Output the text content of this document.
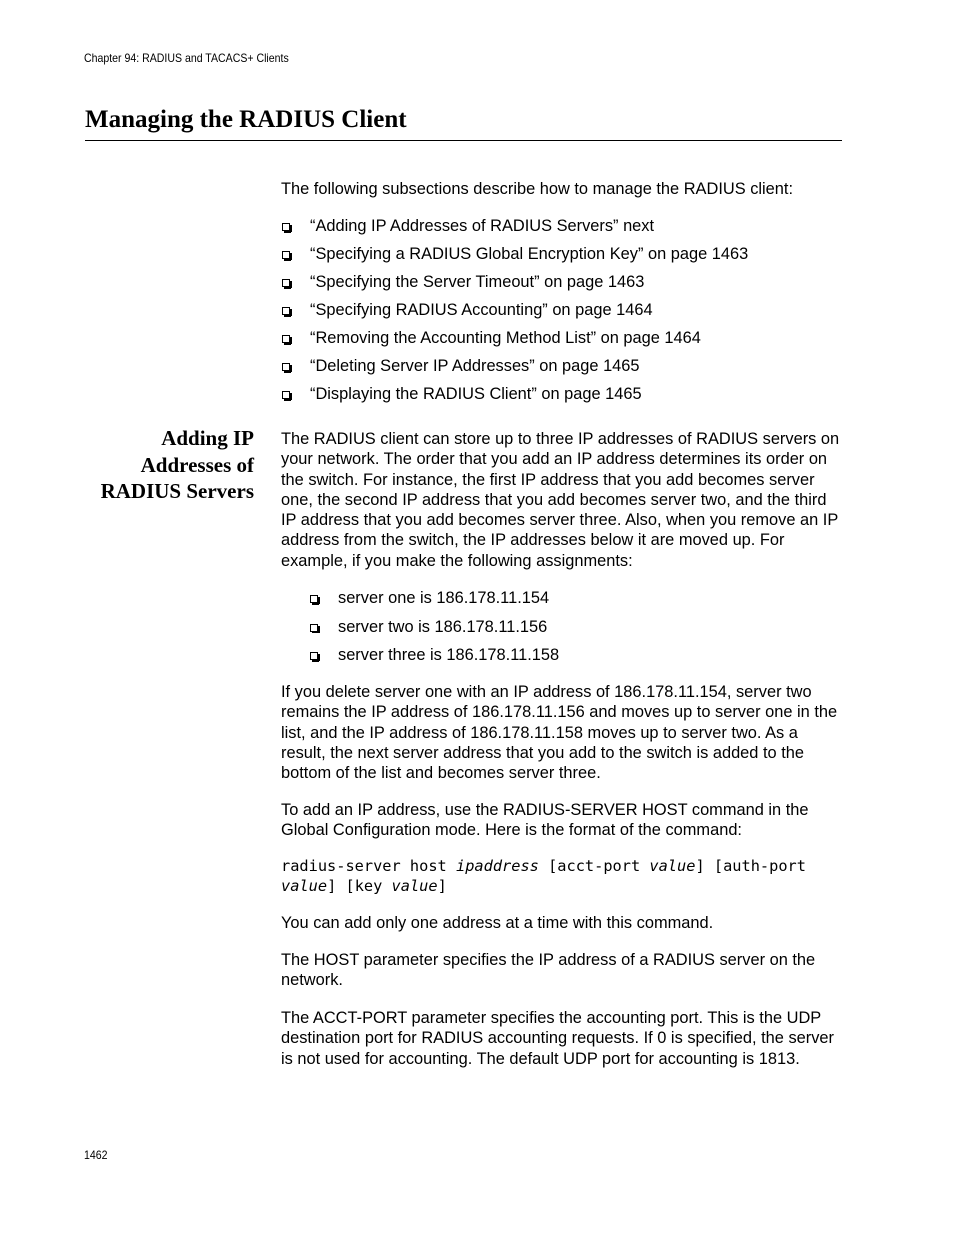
Chapter 94: RADIUS and TACACS+ Clients
Managing the RADIUS Client

The following subsections describe how to manage the RADIUS client:

“Adding IP Addresses of RADIUS Servers” next
“Specifying a RADIUS Global Encryption Key” on page 1463
“Specifying the Server Timeout” on page 1463
“Specifying RADIUS Accounting” on page 1464
“Removing the Accounting Method List” on page 1464
“Deleting Server IP Addresses” on page 1465
“Displaying the RADIUS Client” on page 1465
Adding IP
Addresses of
RADIUS Servers

The RADIUS client can store up to three IP addresses of RADIUS servers on your network. The order that you add an IP address determines its order on the switch. For instance, the first IP address that you add becomes server one, the second IP address that you add becomes server two, and the third IP address that you add becomes server three. Also, when you remove an IP address from the switch, the IP addresses below it are moved up. For example, if you make the following assignments:

server one is 186.178.11.154
server two is 186.178.11.156
server three is 186.178.11.158

If you delete server one with an IP address of 186.178.11.154, server two remains the IP address of 186.178.11.156 and moves up to server one in the list, and the IP address of 186.178.11.158 moves up to server two. As a result, the next server address that you add to the switch is added to the bottom of the list and becomes server three.

To add an IP address, use the RADIUS-SERVER HOST command in the Global Configuration mode. Here is the format of the command:

radius-server host ipaddress [acct-port value] [auth-port
value] [key value]

You can add only one address at a time with this command.

The HOST parameter specifies the IP address of a RADIUS server on the network.

The ACCT-PORT parameter specifies the accounting port. This is the UDP destination port for RADIUS accounting requests. If 0 is specified, the server is not used for accounting. The default UDP port for accounting is 1813.

1462
